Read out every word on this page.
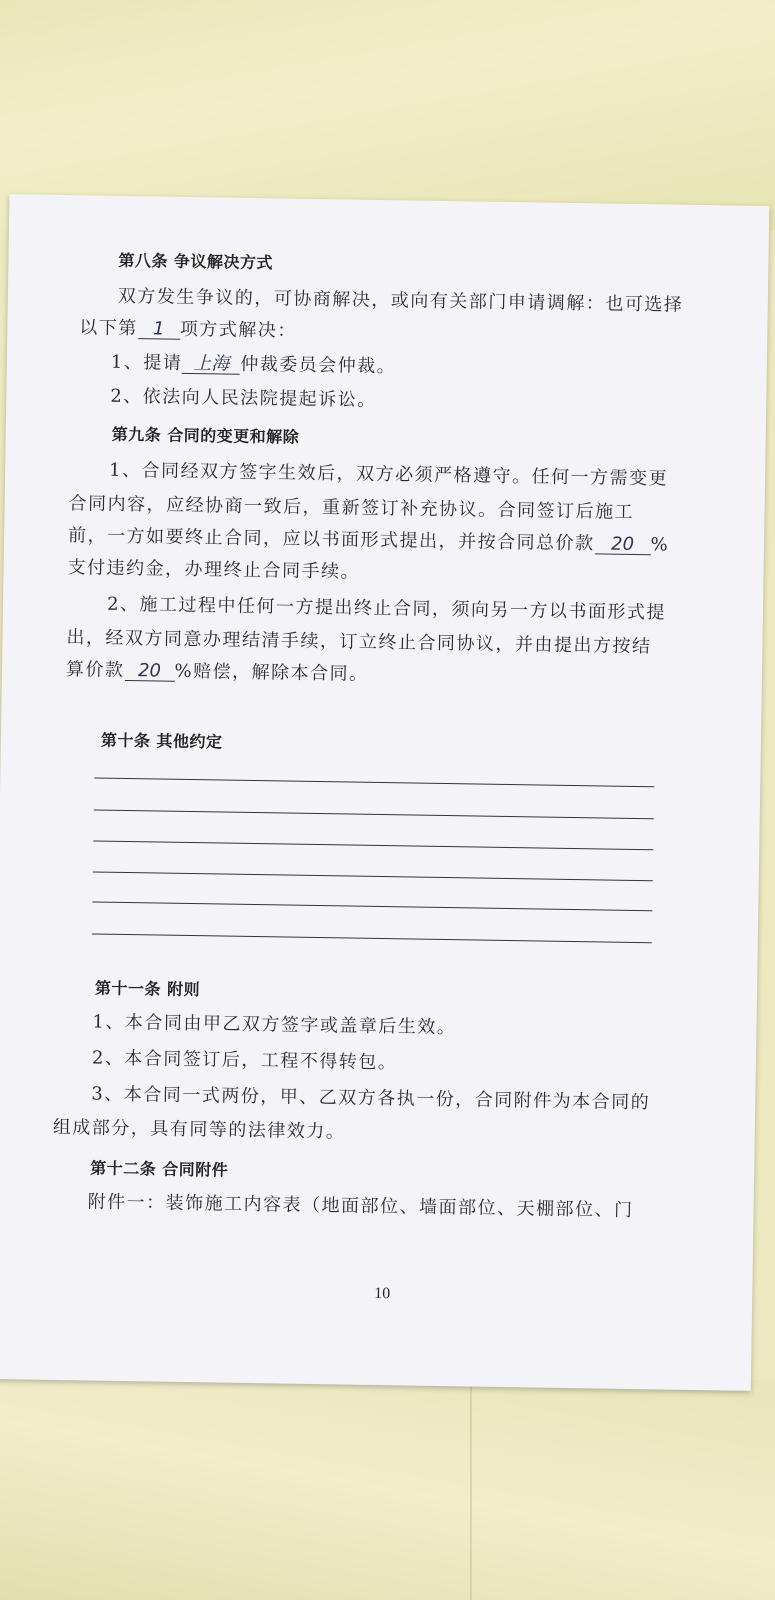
第八条 争议解决方式
双方发生争议的，可协商解决，或向有关部门申请调解：也可选择
以下第 1 项方式解决：
1、提请 上海 仲裁委员会仲裁。
2、依法向人民法院提起诉讼。
第九条 合同的变更和解除
1、合同经双方签字生效后，双方必须严格遵守。任何一方需变更
合同内容，应经协商一致后，重新签订补充协议。合同签订后施工
前，一方如要终止合同，应以书面形式提出，并按合同总价款 20 %
支付违约金，办理终止合同手续。
2、施工过程中任何一方提出终止合同，须向另一方以书面形式提
出，经双方同意办理结清手续，订立终止合同协议，并由提出方按结
算价款 20 %赔偿，解除本合同。
第十条 其他约定
第十一条 附则
1、本合同由甲乙双方签字或盖章后生效。
2、本合同签订后，工程不得转包。
3、本合同一式两份，甲、乙双方各执一份，合同附件为本合同的
组成部分，具有同等的法律效力。
第十二条 合同附件
附件一：装饰施工内容表（地面部位、墙面部位、天棚部位、门
10
